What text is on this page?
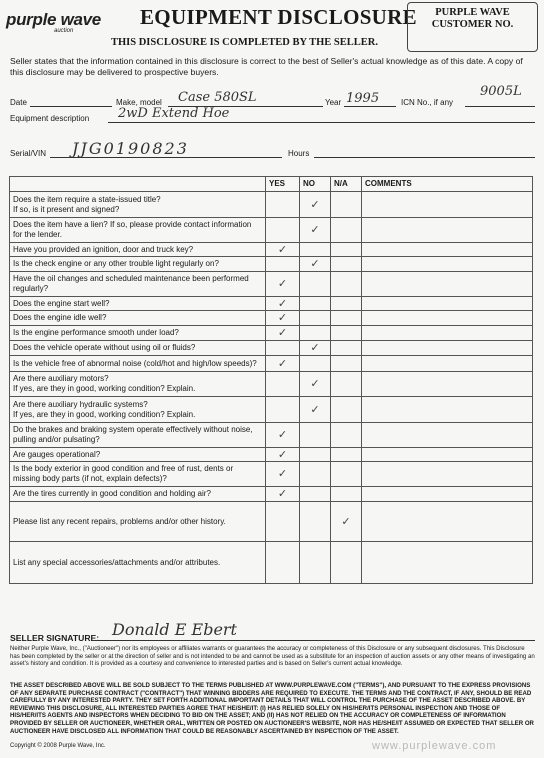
purple wave
auction
EQUIPMENT DISCLOSURE
THIS DISCLOSURE IS COMPLETED BY THE SELLER.
PURPLE WAVE
CUSTOMER NO.
Seller states that the information contained in this disclosure is correct to the best of Seller's actual knowledge as of this date. A copy of this disclosure may be delivered to prospective buyers.
Date	Make, model Case 580SL	Year 1995	ICN No., if any
9005L
Equipment description 2wD Extend Hoe
Serial/VIN JJG0190823	Hours
	YES	NO	N/A	COMMENTS

Does the item require a state-issued title?
If so, is it present and signed?		✓		

Does the item have a lien? If so, please provide contact information for the lender.		✓		

Have you provided an ignition, door and truck key?	✓			

Is the check engine or any other trouble light regularly on?		✓		

Have the oil changes and scheduled maintenance been performed regularly?	✓			

Does the engine start well?	✓			

Does the engine idle well?	✓			

Is the engine performance smooth under load?	✓			

Does the vehicle operate without using oil or fluids?		✓		

Is the vehicle free of abnormal noise (cold/hot and high/low speeds)?	✓			

Are there auxiliary motors?
If yes, are they in good, working condition? Explain.		✓		

Are there auxiliary hydraulic systems?
If yes, are they in good, working condition? Explain.		✓		

Do the brakes and braking system operate effectively without noise, pulling and/or pulsating?	✓			

Are gauges operational?	✓			

Is the body exterior in good condition and free of rust, dents or missing body parts (if not, explain defects)?	✓			

Are the tires currently in good condition and holding air?	✓			

Please list any recent repairs, problems and/or other history.			✓	

List any special accessories/attachments and/or attributes.				

SELLER SIGNATURE: Donald E Ebert
Neither Purple Wave, Inc., ("Auctioneer") nor its employees or affiliates warrants or guarantees the accuracy or completeness of this Disclosure or any subsequent disclosures. This Disclosure has been completed by the seller or at the direction of seller and is not intended to be and cannot be used as a substitute for an inspection of auction assets or any other means of investigating an asset's history and condition. It is provided as a courtesy and convenience to interested parties and is based on Seller's current actual knowledge.
THE ASSET DESCRIBED ABOVE WILL BE SOLD SUBJECT TO THE TERMS PUBLISHED AT WWW.PURPLEWAVE.COM ("TERMS"), AND PURSUANT TO THE EXPRESS PROVISIONS OF ANY SEPARATE PURCHASE CONTRACT ("CONTRACT") THAT WINNING BIDDERS ARE REQUIRED TO EXECUTE. THE TERMS AND THE CONTRACT, IF ANY, SHOULD BE READ CAREFULLY BY ANY INTERESTED PARTY. THEY SET FORTH ADDITIONAL IMPORTANT DETAILS THAT WILL CONTROL THE PURCHASE OF THE ASSET DESCRIBED ABOVE. BY REVIEWING THIS DISCLOSURE, ALL INTERESTED PARTIES AGREE THAT HE/SHE/IT: (I) HAS RELIED SOLELY ON HIS/HER/ITS PERSONAL INSPECTION AND THOSE OF HIS/HER/ITS AGENTS AND INSPECTORS WHEN DECIDING TO BID ON THE ASSET; AND (II) HAS NOT RELIED ON THE ACCURACY OR COMPLETENESS OF INFORMATION PROVIDED BY SELLER OR AUCTIONEER, WHETHER ORAL, WRITTEN OR POSTED ON AUCTIONEER'S WEBSITE, NOR HAS HE/SHE/IT ASSUMED OR EXPECTED THAT SELLER OR AUCTIONEER HAVE DISCLOSED ALL INFORMATION THAT COULD BE REASONABLY ASCERTAINED BY INSPECTION OF THE ASSET.
Copyright © 2008 Purple Wave, Inc.	www.purplewave.com
